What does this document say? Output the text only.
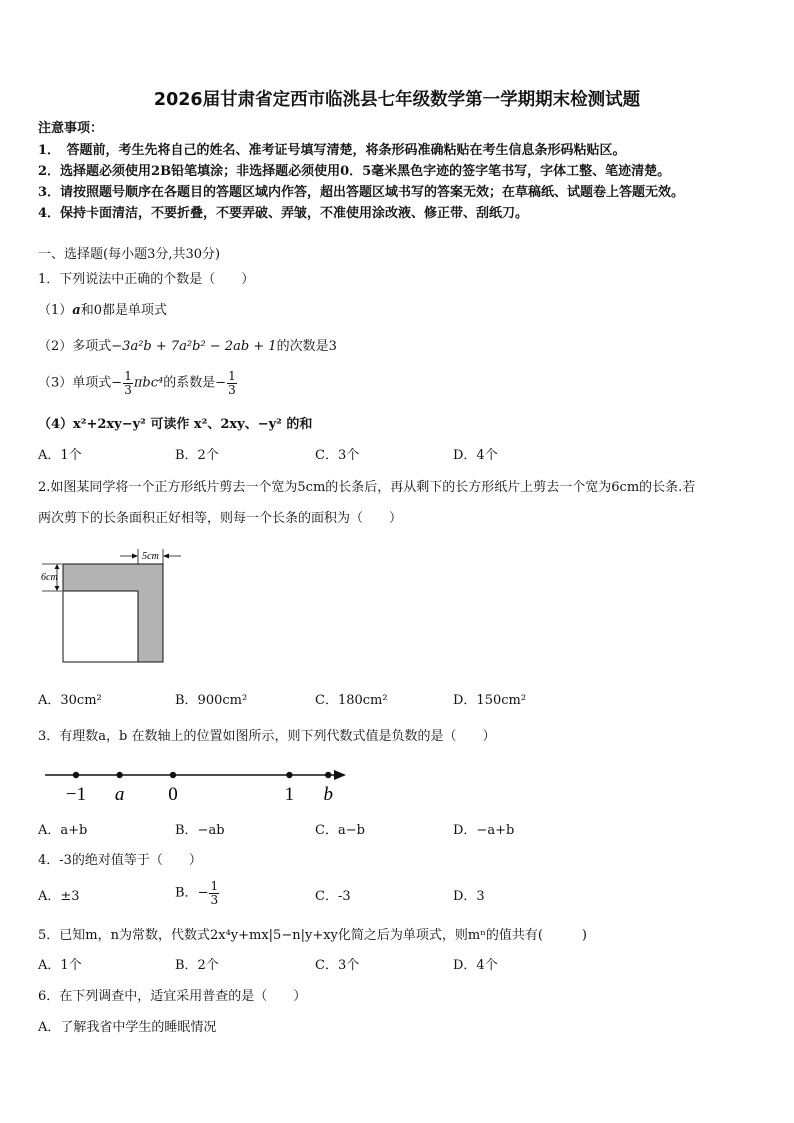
2026届甘肃省定西市临洮县七年级数学第一学期期末检测试题
注意事项：
1．　答题前，考生先将自己的姓名、准考证号填写清楚，将条形码准确粘贴在考生信息条形码粘贴区。
2．选择题必须使用2B铅笔填涂；非选择题必须使用0．5毫米黑色字迹的签字笔书写，字体工整、笔迹清楚。
3．请按照题号顺序在各题目的答题区域内作答，超出答题区域书写的答案无效；在草稿纸、试题卷上答题无效。
4．保持卡面清洁，不要折叠，不要弄破、弄皱，不准使用涂改液、修正带、刮纸刀。
一、选择题(每小题3分,共30分)
1．下列说法中正确的个数是（　　）
（1）a和0都是单项式
（2）多项式−3a²b + 7a²b² − 2ab + 1的次数是3
（3）单项式− $\frac{1}{3} \pi bc^4$的系数是− $\frac{1}{3}$
（4）x²+2xy−y² 可读作 x²、2xy、−y² 的和
A．1个	B．2个	C．3个	D．4个
2.如图某同学将一个正方形纸片剪去一个宽为5cm的长条后，再从剩下的长方形纸片上剪去一个宽为6cm的长条.若
两次剪下的长条面积正好相等，则每一个长条的面积为（　　）
5cm
6cm
A．30cm²	B．900cm²	C．180cm²	D．150cm²
3．有理数a，b 在数轴上的位置如图所示，则下列代数式值是负数的是（　　）
−1 a 0	1 b
A．a+b	B．−ab	C．a−b	D．−a+b
4．-3的绝对值等于（　　）
A．±3	B．− $\frac{1}{3}$	C．-3	D．3
5．已知m，n为常数，代数式2x⁴y+mx|5−n|y+xy化简之后为单项式，则mⁿ的值共有(　　　)
A．1个	B．2个	C．3个	D．4个
6．在下列调查中，适宜采用普查的是（　　）
A．了解我省中学生的睡眠情况
